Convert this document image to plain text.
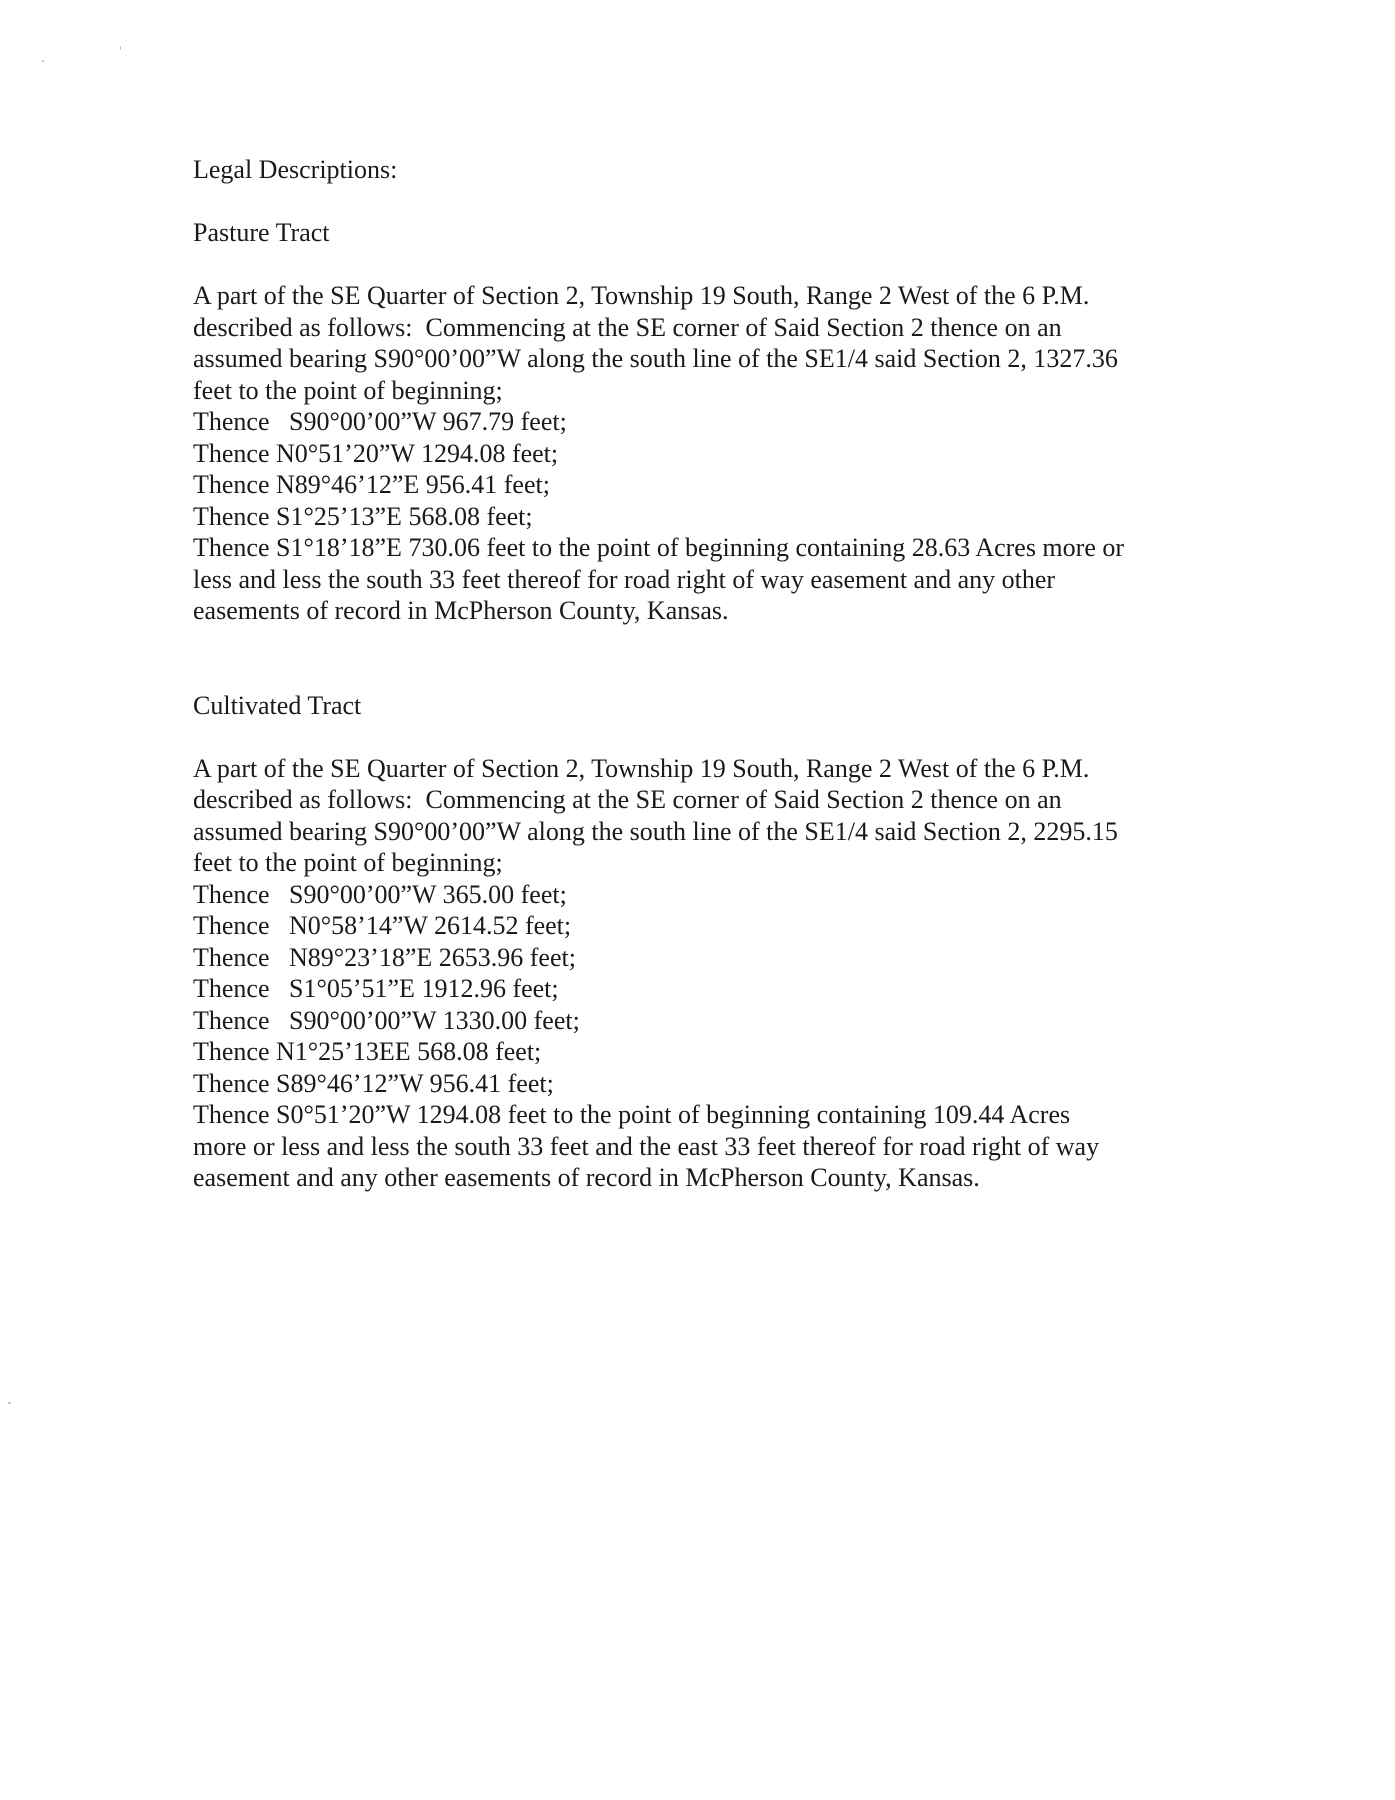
Legal Descriptions:
Pasture Tract
A part of the SE Quarter of Section 2, Township 19 South, Range 2 West of the 6 P.M.
described as follows:  Commencing at the SE corner of Said Section 2 thence on an
assumed bearing S90°00’00”W along the south line of the SE1/4 said Section 2, 1327.36
feet to the point of beginning;
Thence   S90°00’00”W 967.79 feet;
Thence N0°51’20”W 1294.08 feet;
Thence N89°46’12”E 956.41 feet;
Thence S1°25’13”E 568.08 feet;
Thence S1°18’18”E 730.06 feet to the point of beginning containing 28.63 Acres more or
less and less the south 33 feet thereof for road right of way easement and any other
easements of record in McPherson County, Kansas.
Cultivated Tract
A part of the SE Quarter of Section 2, Township 19 South, Range 2 West of the 6 P.M.
described as follows:  Commencing at the SE corner of Said Section 2 thence on an
assumed bearing S90°00’00”W along the south line of the SE1/4 said Section 2, 2295.15
feet to the point of beginning;
Thence   S90°00’00”W 365.00 feet;
Thence   N0°58’14”W 2614.52 feet;
Thence   N89°23’18”E 2653.96 feet;
Thence   S1°05’51”E 1912.96 feet;
Thence   S90°00’00”W 1330.00 feet;
Thence N1°25’13EE 568.08 feet;
Thence S89°46’12”W 956.41 feet;
Thence S0°51’20”W 1294.08 feet to the point of beginning containing 109.44 Acres
more or less and less the south 33 feet and the east 33 feet thereof for road right of way
easement and any other easements of record in McPherson County, Kansas.
